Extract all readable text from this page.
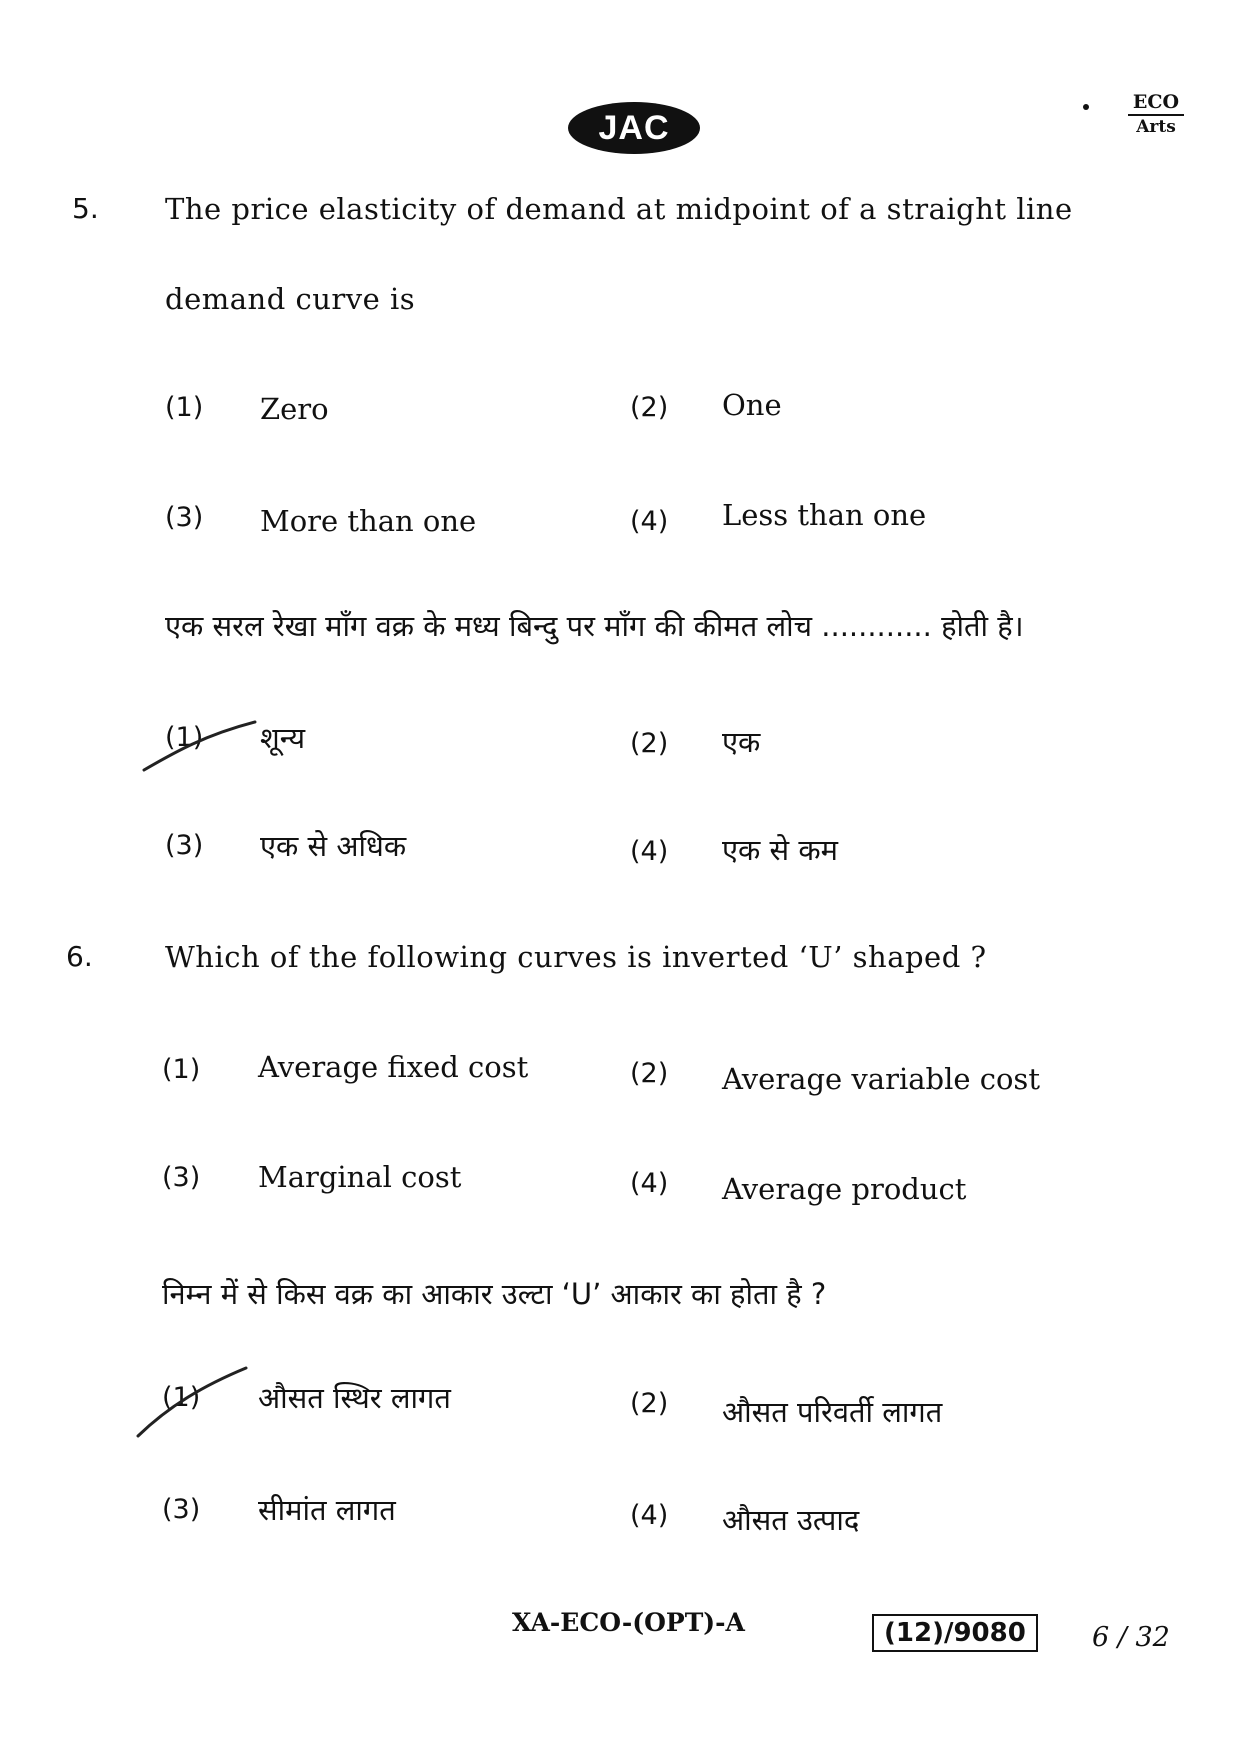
JAC
ECO
Arts
5. The price elasticity of demand at midpoint of a straight line
demand curve is
(1) Zero	(2) One
(3) More than one	(4) Less than one
एक सरल रेखा माँग वक्र के मध्य बिन्दु पर माँग की कीमत लोच ............ होती है।
(1) शून्य	(2) एक
(3) एक से अधिक	(4) एक से कम
6. Which of the following curves is inverted ‘U’ shaped ?
(1) Average fixed cost	(2) Average variable cost
(3) Marginal cost	(4) Average product
निम्न में से किस वक्र का आकार उल्टा ‘U’ आकार का होता है ?
(1) औसत स्थिर लागत	(2) औसत परिवर्ती लागत
(3) सीमांत लागत	(4) औसत उत्पाद
XA-ECO-(OPT)-A	(12)/9080	6 / 32
